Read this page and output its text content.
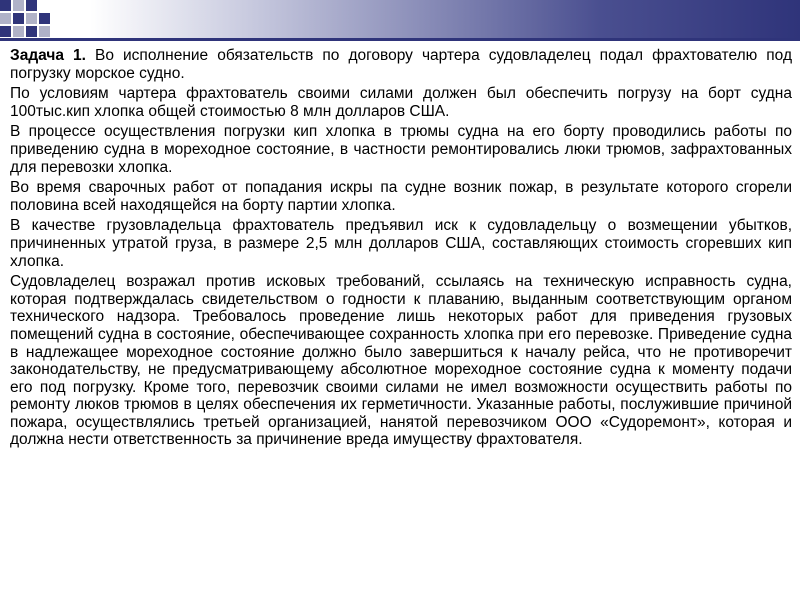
Задача 1. Во исполнение обязательств по договору чартера судовладелец подал фрахтователю под погрузку морское судно.

По условиям чартера фрахтователь своими силами должен был обеспечить погрузу на борт судна 100тыс.кип хлопка общей стоимостью 8 млн долларов США.

В процессе осуществления погрузки кип хлопка в трюмы судна на его борту проводились работы по приведению судна в мореходное состояние, в частности ремонтировались люки трюмов, зафрахтованных для перевозки хлопка.

Во время сварочных работ от попадания искры па судне возник пожар, в результате которого сгорели половина всей находящейся на борту партии хлопка.

В качестве грузовладельца фрахтователь предъявил иск к судовладельцу о возмещении убытков, причиненных утратой груза, в размере 2,5 млн долларов США, составляющих стоимость сгоревших кип хлопка.

Судовладелец возражал против исковых требований, ссылаясь на техническую исправность судна, которая подтверждалась свидетельством о годности к плаванию, выданным соответствующим органом технического надзора. Требовалось проведение лишь некоторых работ для приведения грузовых помещений судна в состояние, обеспечивающее сохранность хлопка при его перевозке. Приведение судна в надлежащее мореходное состояние должно было завершиться к началу рейса, что не противоречит законодательству, не предусматривающему абсолютное мореходное состояние судна к моменту подачи его под погрузку. Кроме того, перевозчик своими силами не имел возможности осуществить работы по ремонту люков трюмов в целях обеспечения их герметичности. Указанные работы, послужившие причиной пожара, осуществлялись третьей организацией, нанятой перевозчиком ООО «Судоремонт», которая и должна нести ответственность за причинение вреда имуществу фрахтователя.
